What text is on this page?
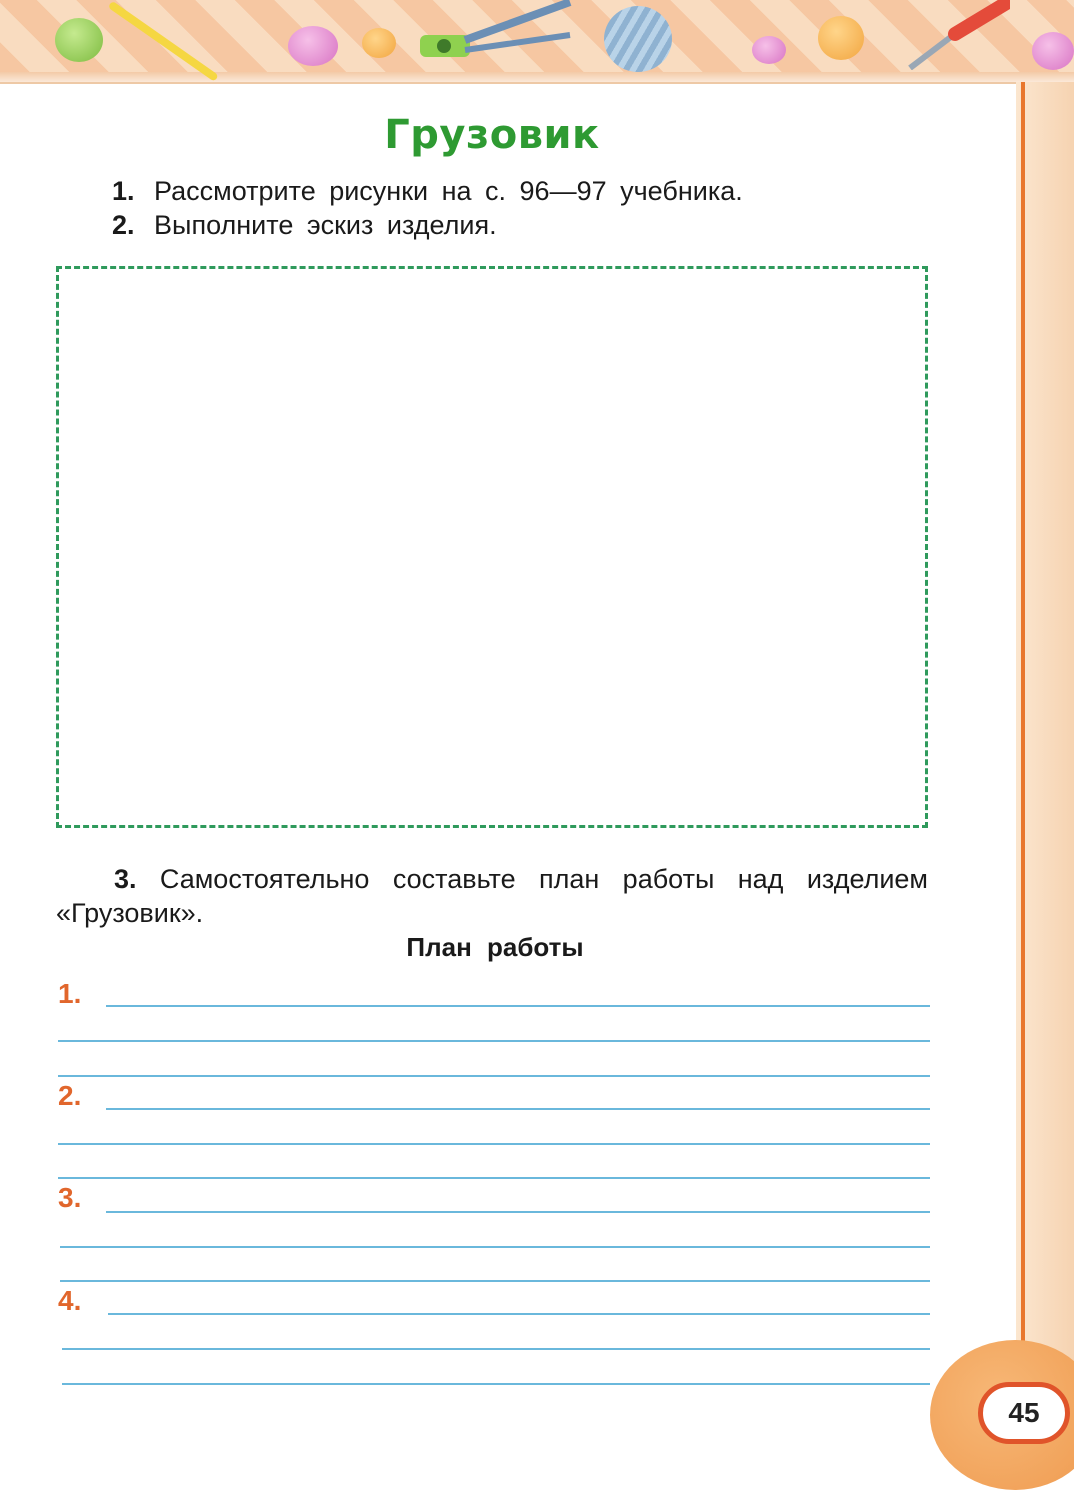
45
Грузовик
1. Рассмотрите рисунки на с. 96—97 учебника.
2. Выполните эскиз изделия.
3. Самостоятельно составьте план работы над изделием «Грузовик».
План работы
1.
2.
3.
4.
